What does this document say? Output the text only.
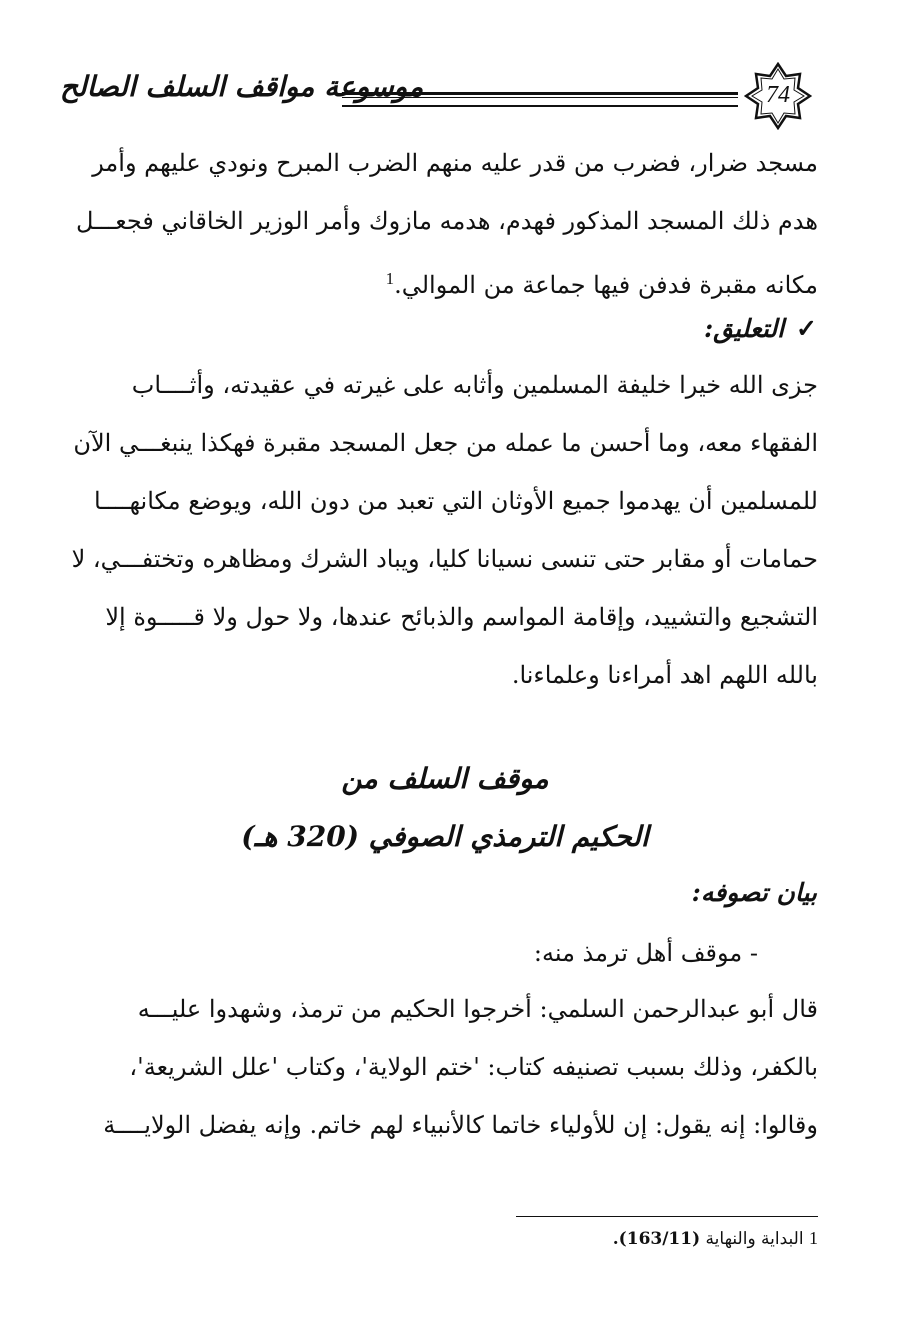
موسوعة مواقف السلف الصالح	74
مسجد ضرار، فضرب من قدر عليه منهم الضرب المبرح ونودي عليهم وأمر
هدم ذلك المسجد المذكور فهدم، هدمه مازوك وأمر الوزير الخاقاني فجعـــل
مكانه مقبرة فدفن فيها جماعة من الموالي.$^1$
✓التعليق:
جزى الله خيرا خليفة المسلمين وأثابه على غيرته في عقيدته، وأثــــاب
الفقهاء معه، وما أحسن ما عمله من جعل المسجد مقبرة فهكذا ينبغـــي الآن
للمسلمين أن يهدموا جميع الأوثان التي تعبد من دون الله، ويوضع مكانهــــا
حمامات أو مقابر حتى تنسى نسيانا كليا، ويباد الشرك ومظاهره وتختفـــي، لا
التشجيع والتشييد، وإقامة المواسم والذبائح عندها، ولا حول ولا قـــــوة إلا
بالله اللهم اهد أمراءنا وعلماءنا.
موقف السلف من
الحكيم الترمذي الصوفي (320 هـ)
بيان تصوفه:
- موقف أهل ترمذ منه:
قال أبو عبدالرحمن السلمي: أخرجوا الحكيم من ترمذ، وشهدوا عليـــه
بالكفر، وذلك بسبب تصنيفه كتاب: 'ختم الولاية'، وكتاب 'علل الشريعة'،
وقالوا: إنه يقول: إن للأولياء خاتما كالأنبياء لهم خاتم. وإنه يفضل الولايــــة
1 البداية والنهاية (163/11).
